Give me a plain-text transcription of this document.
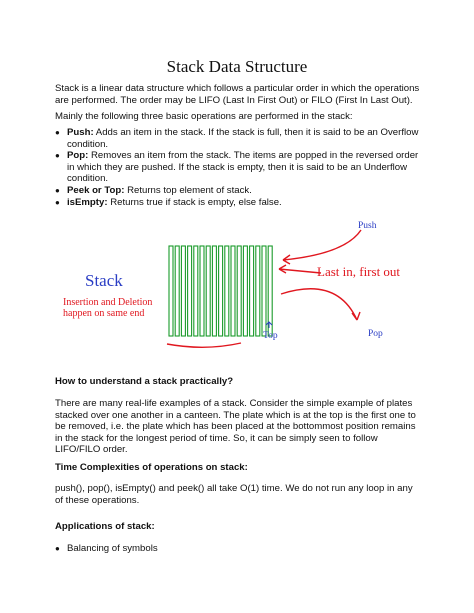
Stack Data Structure

Stack is a linear data structure which follows a particular order in which the operations are performed. The order may be LIFO (Last In First Out) or FILO (First In Last Out).

Mainly the following three basic operations are performed in the stack:

● Push: Adds an item in the stack. If the stack is full, then it is said to be an Overflow condition.
● Pop: Removes an item from the stack. The items are popped in the reversed order in which they are pushed. If the stack is empty, then it is said to be an Underflow condition.
● Peek or Top: Returns top element of stack.
● isEmpty: Returns true if stack is empty, else false.
Stack
Insertion and Deletion
happen on same end
Push
Last in, first out
Top	Pop
How to understand a stack practically?

There are many real-life examples of a stack. Consider the simple example of plates stacked over one another in a canteen. The plate which is at the top is the first one to be removed, i.e. the plate which has been placed at the bottommost position remains in the stack for the longest period of time. So, it can be simply seen to follow LIFO/FILO order.

Time Complexities of operations on stack:

push(), pop(), isEmpty() and peek() all take O(1) time. We do not run any loop in any of these operations.

Applications of stack:
● Balancing of symbols
